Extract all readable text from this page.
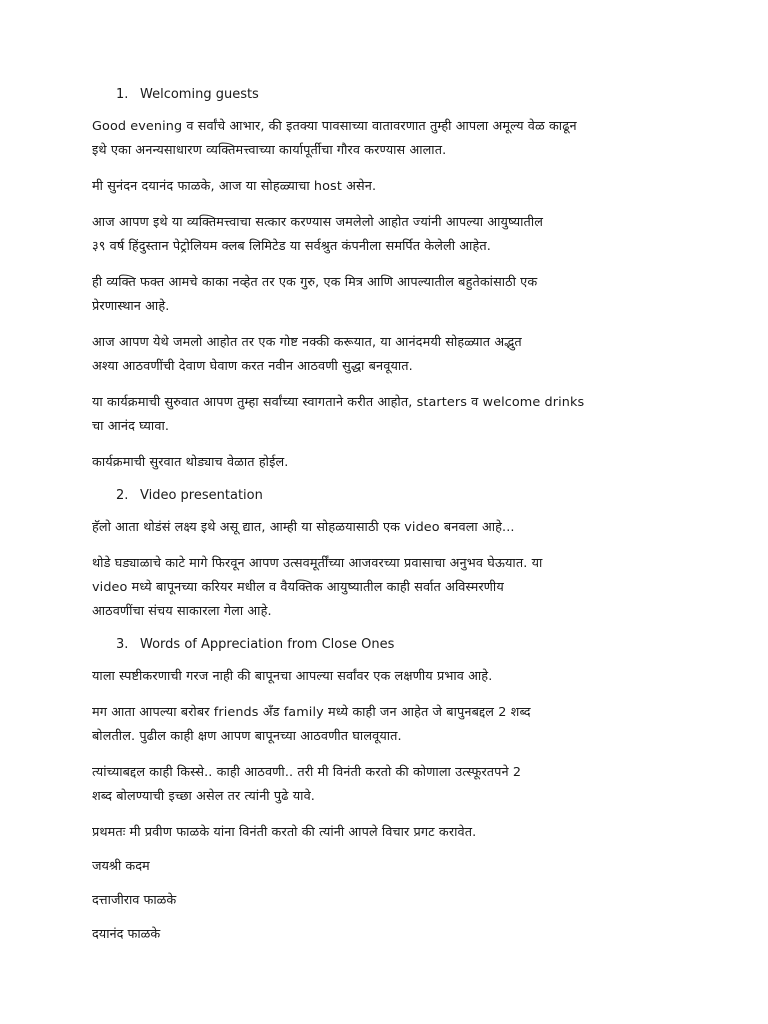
1. Welcoming guests

Good evening व सर्वांचे आभार, की इतक्या पावसाच्या वातावरणात तुम्ही आपला अमूल्य वेळ काढून
इथे एका अनन्यसाधारण व्यक्तिमत्त्वाच्या कार्यापूर्तीचा गौरव करण्यास आलात.

मी सुनंदन दयानंद फाळके, आज या सोहळ्याचा host असेन.

आज आपण इथे या व्यक्तिमत्त्वाचा सत्कार करण्यास जमलेलो आहोत ज्यांनी आपल्या आयुष्यातील
३९ वर्ष हिंदुस्तान पेट्रोलियम क्लब लिमिटेड या सर्वश्रुत कंपनीला समर्पित केलेली आहेत.

ही व्यक्ति फक्त आमचे काका नव्हेत तर एक गुरु, एक मित्र आणि आपल्यातील बहुतेकांसाठी एक
प्रेरणास्थान आहे.

आज आपण येथे जमलो आहोत तर एक गोष्ट नक्की करूयात, या आनंदमयी सोहळ्यात अद्भुत
अश्या आठवणींची देवाण घेवाण करत नवीन आठवणी सुद्धा बनवूयात.

या कार्यक्रमाची सुरुवात आपण तुम्हा सर्वांच्या स्वागताने करीत आहोत, starters व welcome drinks
चा आनंद घ्यावा.

कार्यक्रमाची सुरवात थोड्याच वेळात होईल.

2. Video presentation

हॅलो आता थोडंसं लक्ष्य इथे असू द्यात, आम्ही या सोहळयासाठी एक video बनवला आहे...

थोडे घड्याळाचे काटे मागे फिरवून आपण उत्सवमूर्तींच्या आजवरच्या प्रवासाचा अनुभव घेऊयात. या
video मध्ये बापूनच्या करियर मधील व वैयक्तिक आयुष्यातील काही सर्वात अविस्मरणीय
आठवणींचा संचय साकारला गेला आहे.

3. Words of Appreciation from Close Ones

याला स्पष्टीकरणाची गरज नाही की बापूनचा आपल्या सर्वांवर एक लक्षणीय प्रभाव आहे.

मग आता आपल्या बरोबर friends अँड family मध्ये काही जन आहेत जे बापुनबद्दल 2 शब्द
बोलतील. पुढील काही क्षण आपण बापूनच्या आठवणीत घालवूयात.

त्यांच्याबद्दल काही किस्से.. काही आठवणी.. तरी मी विनंती करतो की कोणाला उत्स्फूरतपने 2
शब्द बोलण्याची इच्छा असेल तर त्यांनी पुढे यावे.

प्रथमतः मी प्रवीण फाळके यांना विनंती करतो की त्यांनी आपले विचार प्रगट करावेत.

जयश्री कदम

दत्ताजीराव फाळके

दयानंद फाळके
